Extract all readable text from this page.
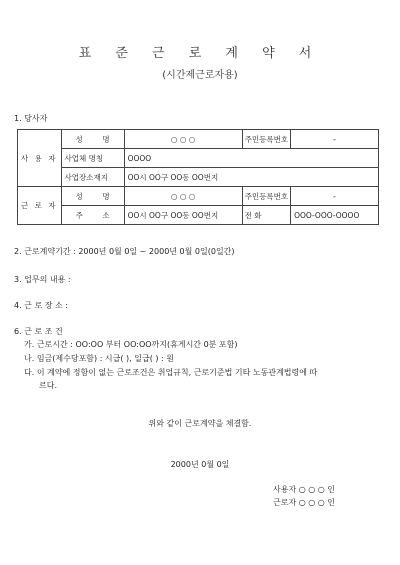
표 준 근 로 계 약 서
(시간제근로자용)
1. 당사자
사 용 자	성 명	○ ○ ○	주민등록번호	-
	사업체 명칭	OOOO		
	사업장소재지	OO시 OO구 OO동 OO번지		
근 로 자	성 명	○ ○ ○	주민등록번호	-
	주 소	OO시 OO구 OO동 OO번지	전 화	OOO-OOO-OOOO
2. 근로계약기간 : 2000년 0월 0일 ~ 2000년 0월 0일(0일간)
3. 업무의 내용 :
4. 근 로 장 소 :
6. 근 로 조 건
가. 근로시간 : OO:OO 부터 OO:OO까지(휴게시간 0분 포함)
나. 임금(제수당포함) : 시급( ), 일급( ) : 원
다. 이 계약에 정함이 없는 근로조건은 취업규칙, 근로기준법 기타 노동관계법령에 따
르다.
위와 같이 근로계약을 체결함.
2000년 0월 0일
사용자 ○ ○ ○ 인
근로자 ○ ○ ○ 인
